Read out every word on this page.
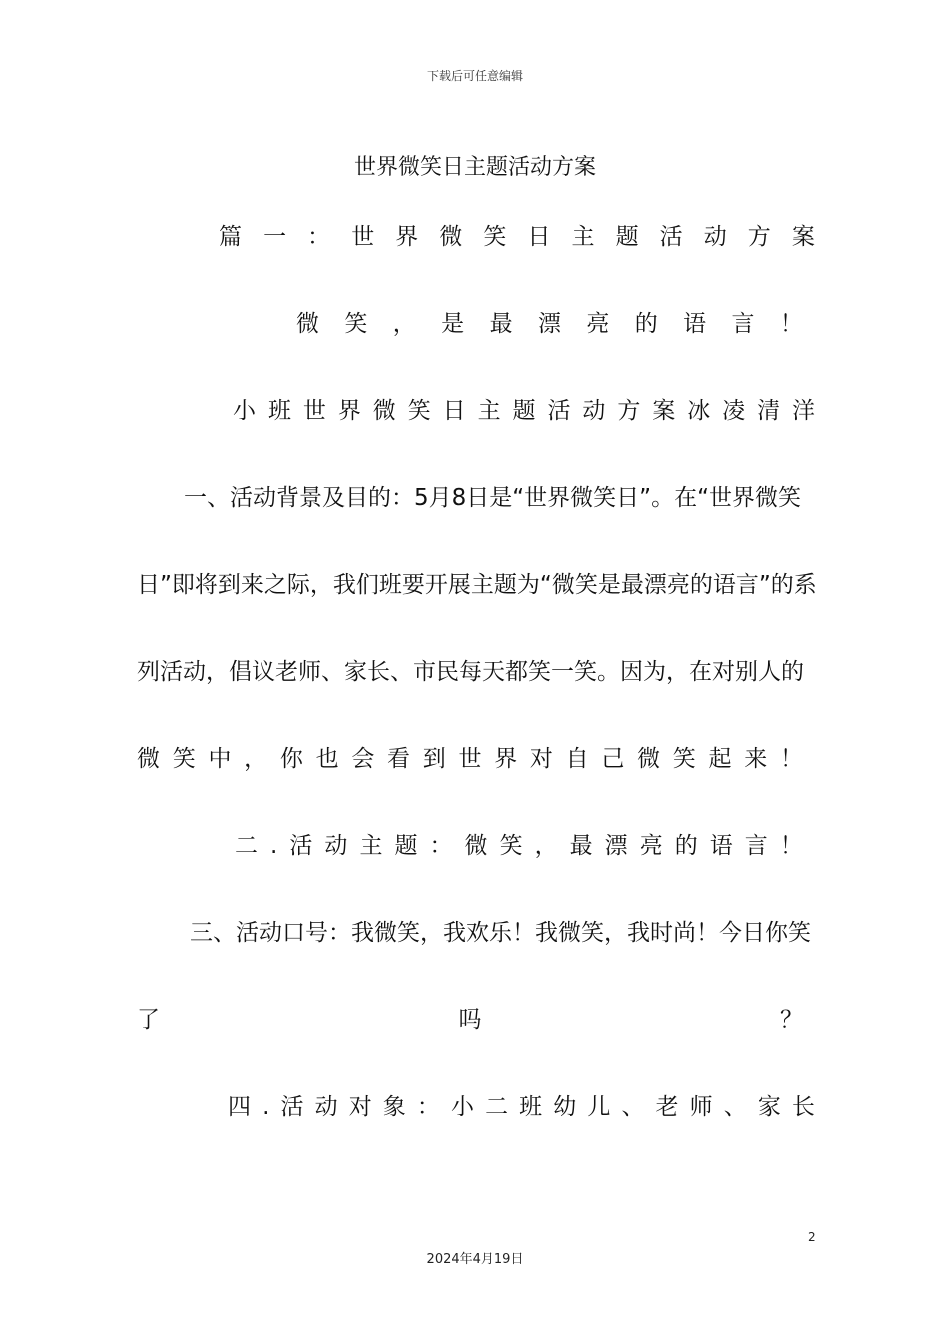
下载后可任意编辑
世界微笑日主题活动方案
篇 一 ： 世 界 微 笑 日 主 题 活 动 方 案
微 笑 ， 是 最 漂 亮 的 语 言 ！
小 班 世 界 微 笑 日 主 题 活 动 方 案 冰 凌 清 洋
一、活动背景及目的：5月8日是“世界微笑日”。在“世界微笑
日”即将到来之际，我们班要开展主题为“微笑是最漂亮的语言”的系
列活动，倡议老师、家长、市民每天都笑一笑。因为，在对别人的
微 笑 中 ， 你 也 会 看 到 世 界 对 自 己 微 笑 起 来 ！
二 . 活 动 主 题 ： 微 笑 ， 最 漂 亮 的 语 言 ！
三、活动口号：我微笑，我欢乐！我微笑，我时尚！今日你笑
了	吗	？
四 . 活 动 对 象 ： 小 二 班 幼 儿 、 老 师 、 家 长
2
2024年4月19日
